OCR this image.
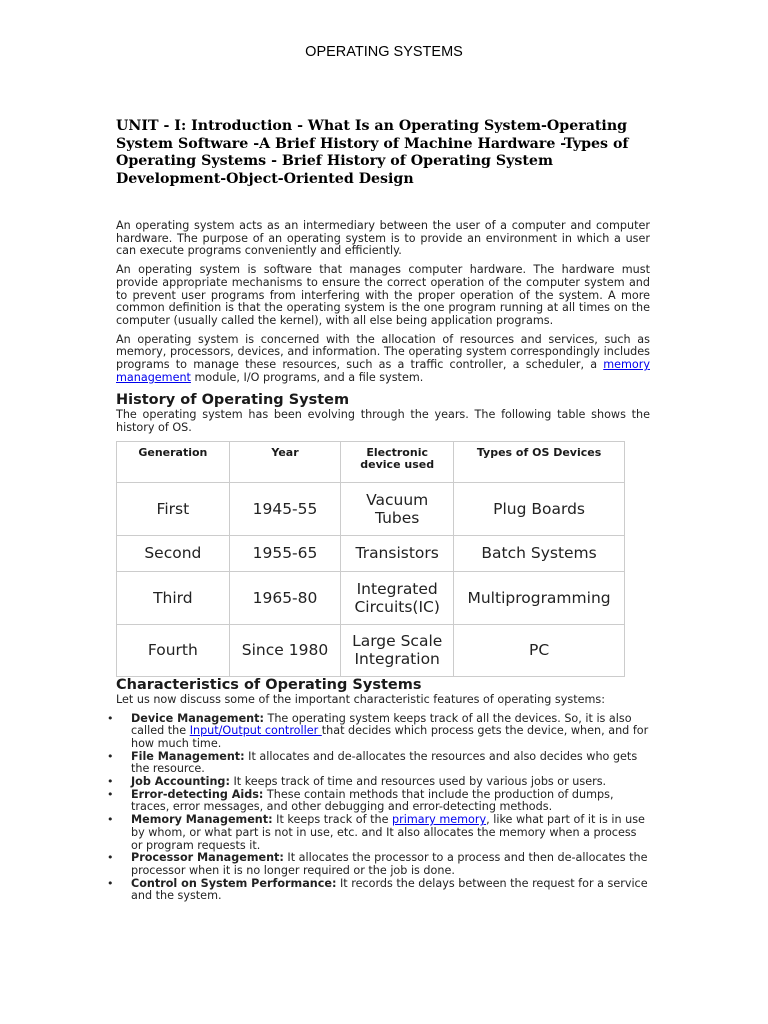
OPERATING SYSTEMS
UNIT - I: Introduction - What Is an Operating System-Operating System Software -A Brief History of Machine Hardware -Types of Operating Systems - Brief History of Operating System Development-Object-Oriented Design

An operating system acts as an intermediary between the user of a computer and computer hardware. The purpose of an operating system is to provide an environment in which a user can execute programs conveniently and efficiently.

An operating system is software that manages computer hardware. The hardware must provide appropriate mechanisms to ensure the correct operation of the computer system and to prevent user programs from interfering with the proper operation of the system. A more common definition is that the operating system is the one program running at all times on the computer (usually called the kernel), with all else being application programs.

An operating system is concerned with the allocation of resources and services, such as memory, processors, devices, and information. The operating system correspondingly includes programs to manage these resources, such as a traffic controller, a scheduler, a memory management module, I/O programs, and a file system.

History of Operating System

The operating system has been evolving through the years. The following table shows the history of OS.

Generation	Year	Electronic device used	Types of OS Devices
First	1945-55	Vacuum Tubes	Plug Boards
Second	1955-65	Transistors	Batch Systems
Third	1965-80	Integrated Circuits(IC)	Multiprogramming
Fourth	Since 1980	Large Scale Integration	PC
Characteristics of Operating Systems

Let us now discuss some of the important characteristic features of operating systems:

• Device Management: The operating system keeps track of all the devices. So, it is also called the Input/Output controller that decides which process gets the device, when, and for how much time.
• File Management: It allocates and de-allocates the resources and also decides who gets the resource.
• Job Accounting: It keeps track of time and resources used by various jobs or users.
• Error-detecting Aids: These contain methods that include the production of dumps, traces, error messages, and other debugging and error-detecting methods.
• Memory Management: It keeps track of the primary memory, like what part of it is in use by whom, or what part is not in use, etc. and It also allocates the memory when a process or program requests it.
• Processor Management: It allocates the processor to a process and then de-allocates the processor when it is no longer required or the job is done.
• Control on System Performance: It records the delays between the request for a service and the system.
